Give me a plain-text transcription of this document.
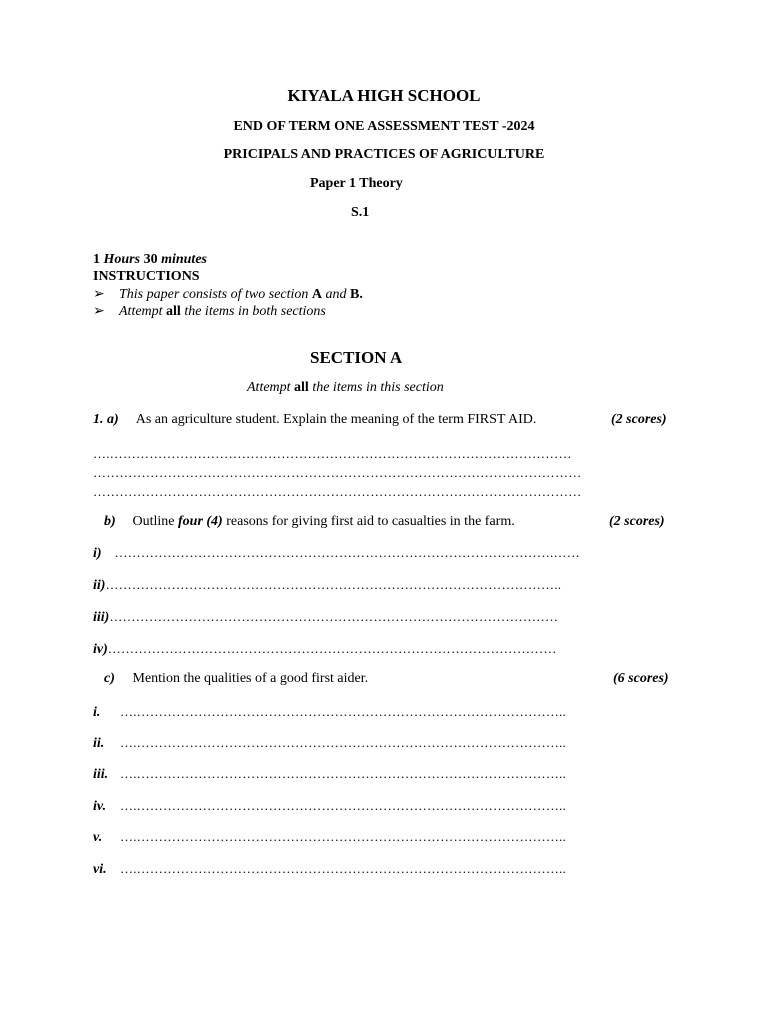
KIYALA HIGH SCHOOL
END OF TERM ONE ASSESSMENT TEST -2024
PRICIPALS AND PRACTICES OF AGRICULTURE
Paper 1 Theory
S.1
1 Hours 30 minutes
INSTRUCTIONS
➢ This paper consists of two section A and B.
➢ Attempt all the items in both sections
SECTION A
Attempt all the items in this section
1. a) As an agriculture student. Explain the meaning of the term FIRST AID.	(2 scores)
….……………………………………………………………………………………………
…………………………………………………………………………………………………
…………………………………………………………………………………………………
b) Outline four (4) reasons for giving first aid to casualties in the farm.	(2 scores)
i) ……………………………………………………………………………………….……
ii)…………………………………………………………………………………………..
iii)…………………………………………………………………………………………
iv)…………………………………………………………………………………………
c) Mention the qualities of a good first aider.	(6 scores)
i. ….……………………………………………………………………………………..
ii. ….……………………………………………………………………………………..
iii. ….……………………………………………………………………………………..
iv. ….……………………………………………………………………………………..
v. ….……………………………………………………………………………………..
vi. ….……………………………………………………………………………………..
